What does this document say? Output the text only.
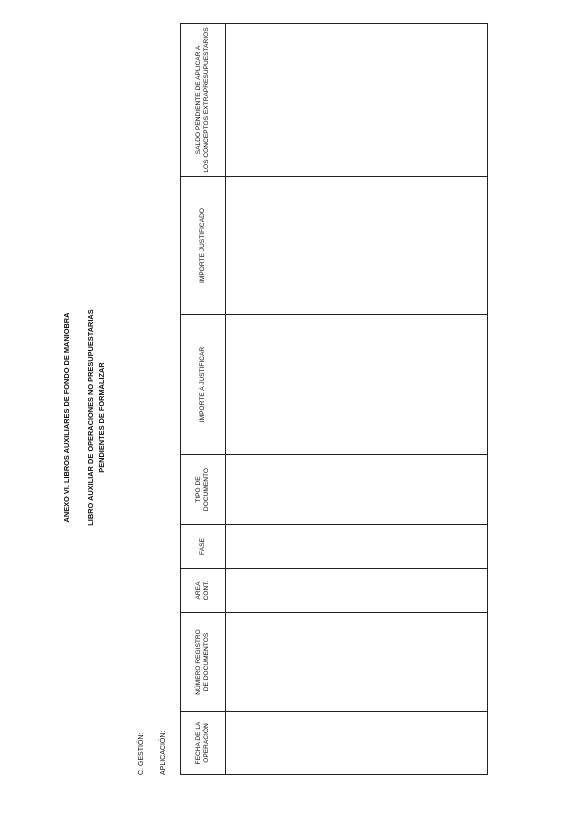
ANEXO VI. LIBROS AUXILIARES DE FONDO DE MANIOBRA LIBRO AUXILIAR DE OPERACIONES NO PRESUPUESTARIAS PENDIENTES DE FORMALIZAR
C. GESTIÓN: APLICACIÓN:	FECHA DE LA OPERACIÓN	NÚMERO REGISTRO DE DOCUMENTOS	AREA CONT.	FASE	TIPO DE DOCUMENTO	IMPORTE A JUSTIFICAR	IMPORTE JUSTIFICADO	SALDO PENDIENTE DE APLICAR A LOS CONCEPTOS EXTRAPRESUPUESTARIOS
